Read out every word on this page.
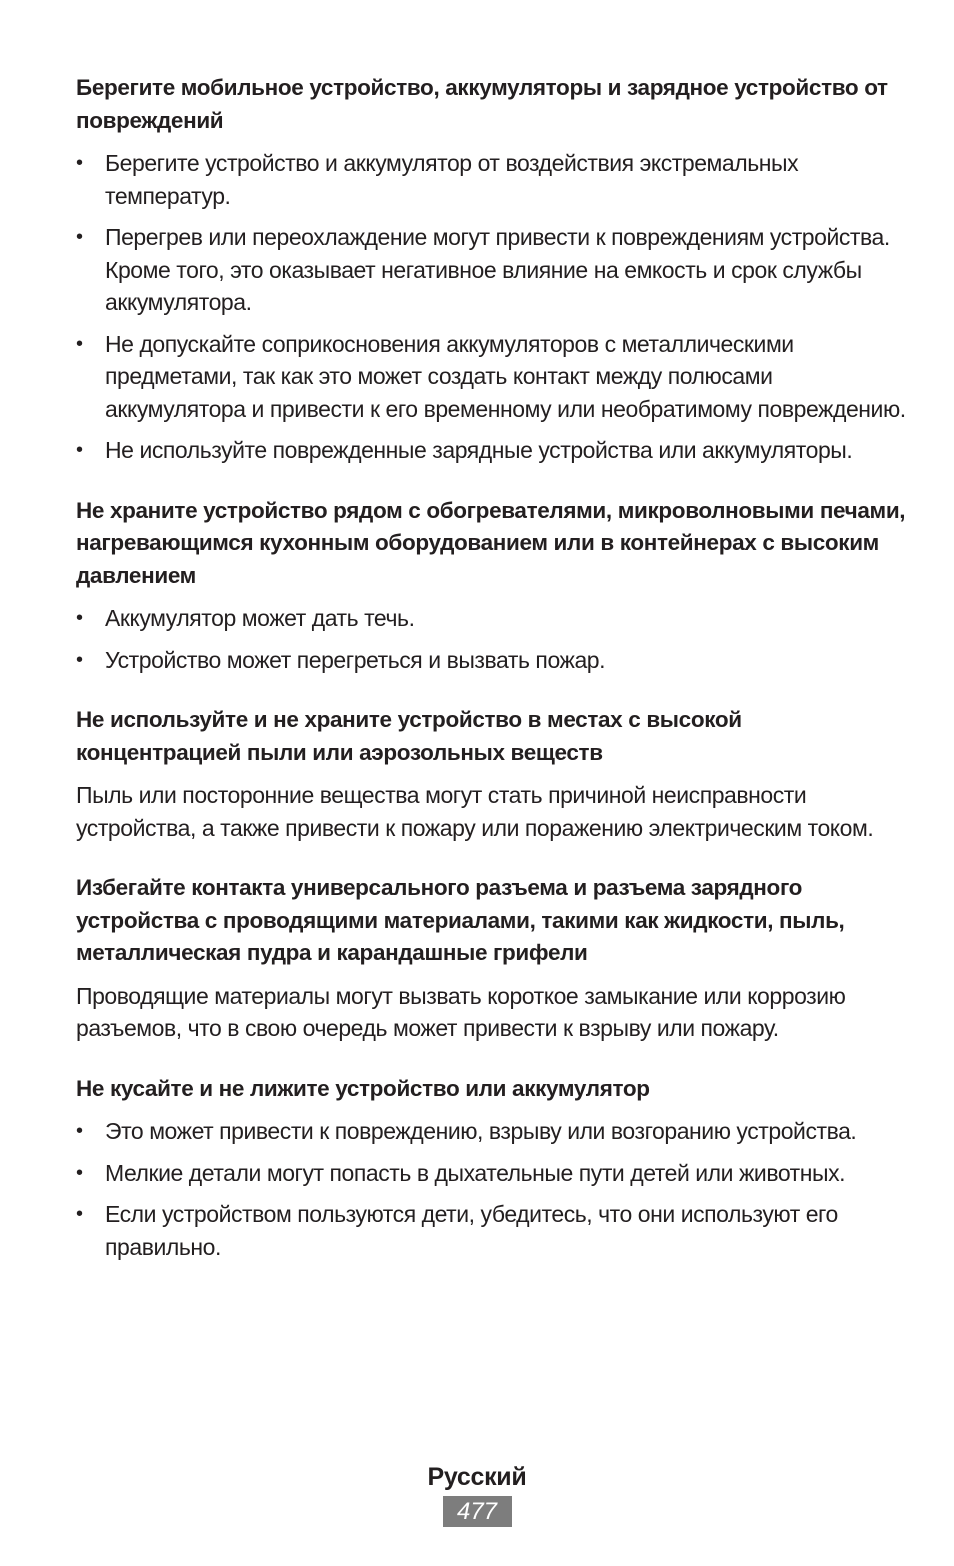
Берегите мобильное устройство, аккумуляторы и зарядное устройство от повреждений

• Берегите устройство и аккумулятор от воздействия экстремальных температур.
• Перегрев или переохлаждение могут привести к повреждениям устройства. Кроме того, это оказывает негативное влияние на емкость и срок службы аккумулятора.
• Не допускайте соприкосновения аккумуляторов с металлическими предметами, так как это может создать контакт между полюсами аккумулятора и привести к его временному или необратимому повреждению.
• Не используйте поврежденные зарядные устройства или аккумуляторы.

Не храните устройство рядом с обогревателями, микроволновыми печами, нагревающимся кухонным оборудованием или в контейнерах с высоким давлением

• Аккумулятор может дать течь.
• Устройство может перегреться и вызвать пожар.

Не используйте и не храните устройство в местах с высокой концентрацией пыли или аэрозольных веществ

Пыль или посторонние вещества могут стать причиной неисправности устройства, а также привести к пожару или поражению электрическим током.

Избегайте контакта универсального разъема и разъема зарядного устройства с проводящими материалами, такими как жидкости, пыль, металлическая пудра и карандашные грифели

Проводящие материалы могут вызвать короткое замыкание или коррозию разъемов, что в свою очередь может привести к взрыву или пожару.

Не кусайте и не лижите устройство или аккумулятор

• Это может привести к повреждению, взрыву или возгоранию устройства.
• Мелкие детали могут попасть в дыхательные пути детей или животных.
• Если устройством пользуются дети, убедитесь, что они используют его правильно.
Русский
477
